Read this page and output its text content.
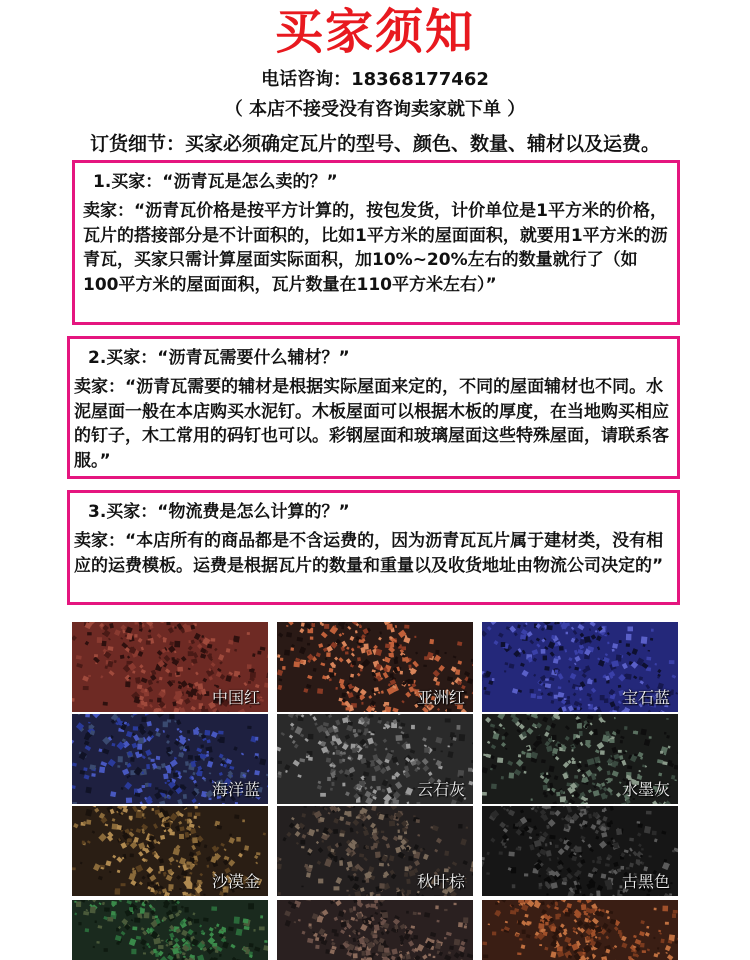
买家须知
电话咨询：18368177462
（ 本店不接受没有咨询卖家就下单 ）
订货细节：买家必须确定瓦片的型号、颜色、数量、辅材以及运费。
1.买家：“沥青瓦是怎么卖的？”
卖家：“沥青瓦价格是按平方计算的，按包发货，计价单位是1平方米的价格，瓦片的搭接部分是不计面积的，比如1平方米的屋面面积，就要用1平方米的沥青瓦，买家只需计算屋面实际面积，加10%~20%左右的数量就行了（如100平方米的屋面面积，瓦片数量在110平方米左右）”
2.买家：“沥青瓦需要什么辅材？”
卖家：“沥青瓦需要的辅材是根据实际屋面来定的，不同的屋面辅材也不同。水泥屋面一般在本店购买水泥钉。木板屋面可以根据木板的厚度，在当地购买相应的钉子，木工常用的码钉也可以。彩钢屋面和玻璃屋面这些特殊屋面，请联系客服。”
3.买家：“物流费是怎么计算的？”
卖家：“本店所有的商品都是不含运费的，因为沥青瓦瓦片属于建材类，没有相应的运费模板。运费是根据瓦片的数量和重量以及收货地址由物流公司决定的”
中国红	亚洲红	宝石蓝
海洋蓝	云石灰	水墨灰
沙漠金	秋叶棕	古黑色
